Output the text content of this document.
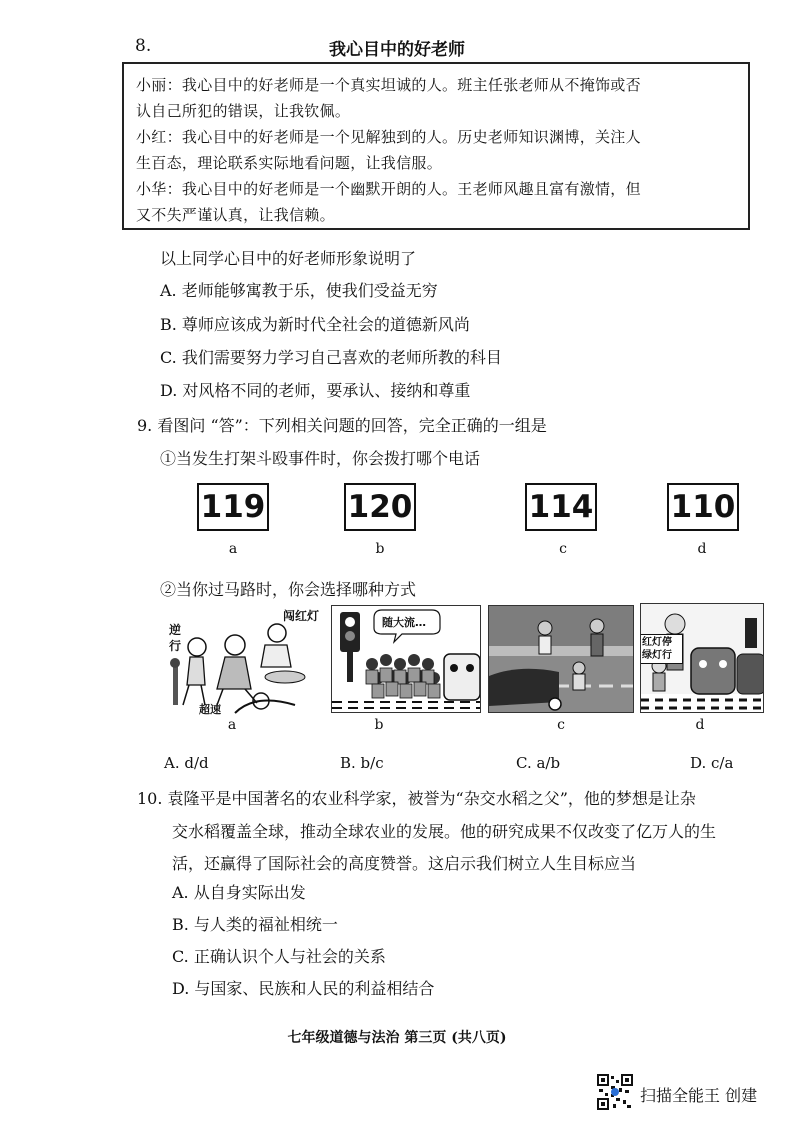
8.	我心目中的好老师
小丽：我心目中的好老师是一个真实坦诚的人。班主任张老师从不掩饰或否
认自己所犯的错误，让我钦佩。
小红：我心目中的好老师是一个见解独到的人。历史老师知识渊博，关注人
生百态，理论联系实际地看问题，让我信服。
小华：我心目中的好老师是一个幽默开朗的人。王老师风趣且富有激情，但
又不失严谨认真，让我信赖。
以上同学心目中的好老师形象说明了
A. 老师能够寓教于乐，使我们受益无穷
B. 尊师应该成为新时代全社会的道德新风尚
C. 我们需要努力学习自己喜欢的老师所教的科目
D. 对风格不同的老师，要承认、接纳和尊重
9. 看图问 “答”：下列相关问题的回答，完全正确的一组是
①当发生打架斗殴事件时，你会拨打哪个电话
119	120	114 110
a	b	c	d
②当你过马路时，你会选择哪种方式
逆
行
闯红灯
超速
a
随大流…
b	c
红灯停
绿灯行
d
A. d/d	B. b/c	C. a/b	D. c/a
10. 袁隆平是中国著名的农业科学家，被誉为“杂交水稻之父”，他的梦想是让杂
交水稻覆盖全球，推动全球农业的发展。他的研究成果不仅改变了亿万人的生
活，还赢得了国际社会的高度赞誉。这启示我们树立人生目标应当
A. 从自身实际出发
B. 与人类的福祉相统一
C. 正确认识个人与社会的关系
D. 与国家、民族和人民的利益相结合
七年级道德与法治 第三页 (共八页)
扫描全能王 创建
